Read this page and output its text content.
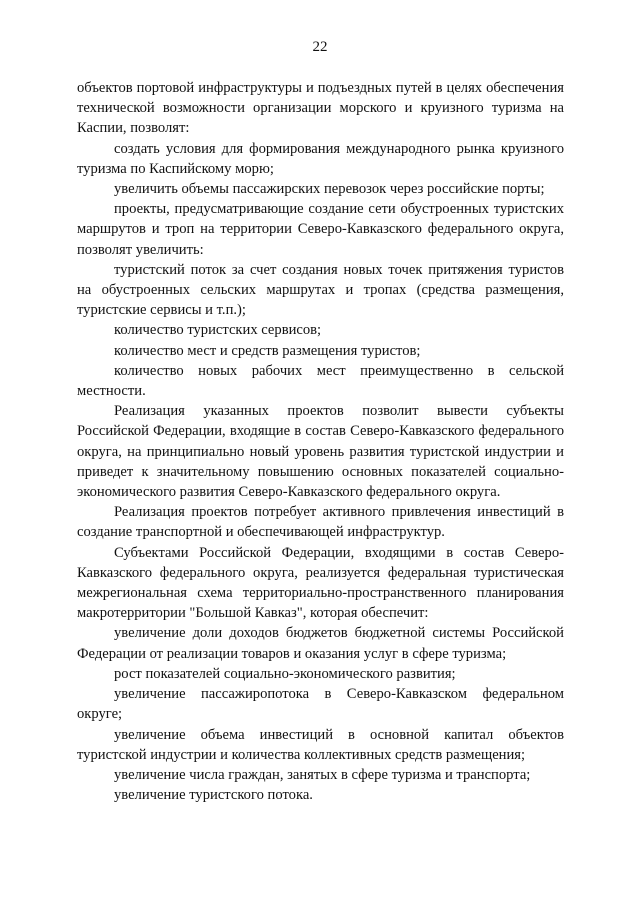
22

объектов портовой инфраструктуры и подъездных путей в целях обеспечения технической возможности организации морского и круизного туризма на Каспии, позволят:

создать условия для формирования международного рынка круизного туризма по Каспийскому морю;

увеличить объемы пассажирских перевозок через российские порты;

проекты, предусматривающие создание сети обустроенных туристских маршрутов и троп на территории Северо-Кавказского федерального округа, позволят увеличить:

туристский поток за счет создания новых точек притяжения туристов на обустроенных сельских маршрутах и тропах (средства размещения, туристские сервисы и т.п.);

количество туристских сервисов;

количество мест и средств размещения туристов;

количество новых рабочих мест преимущественно в сельской местности.

Реализация указанных проектов позволит вывести субъекты Российской Федерации, входящие в состав Северо-Кавказского федерального округа, на принципиально новый уровень развития туристской индустрии и приведет к значительному повышению основных показателей социально-экономического развития Северо-Кавказского федерального округа.

Реализация проектов потребует активного привлечения инвестиций в создание транспортной и обеспечивающей инфраструктур.

Субъектами Российской Федерации, входящими в состав Северо-Кавказского федерального округа, реализуется федеральная туристическая межрегиональная схема территориально-пространственного планирования макротерритории "Большой Кавказ", которая обеспечит:

увеличение доли доходов бюджетов бюджетной системы Российской Федерации от реализации товаров и оказания услуг в сфере туризма;

рост показателей социально-экономического развития;

увеличение пассажиропотока в Северо-Кавказском федеральном округе;

увеличение объема инвестиций в основной капитал объектов туристской индустрии и количества коллективных средств размещения;

увеличение числа граждан, занятых в сфере туризма и транспорта;

увеличение туристского потока.
